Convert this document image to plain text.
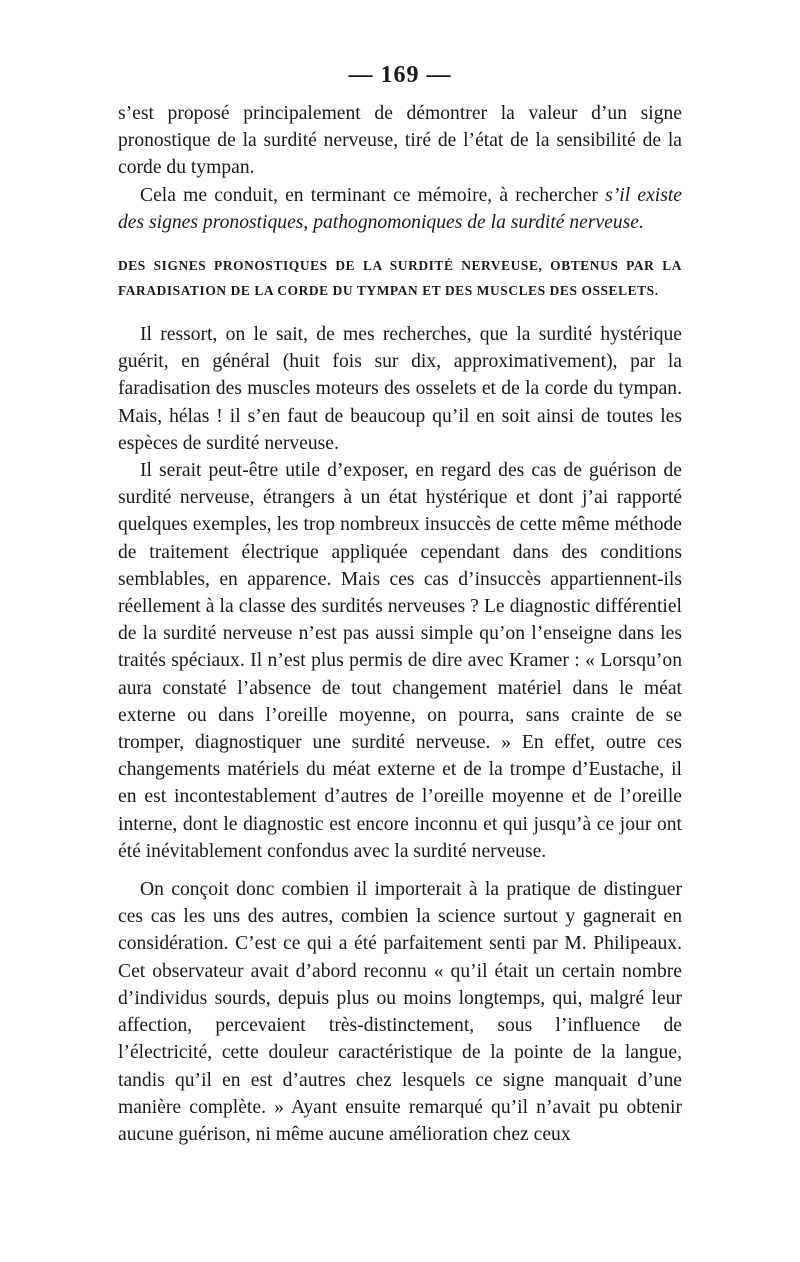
— 169 —

s’est proposé principalement de démontrer la valeur d’un signe pronostique de la surdité nerveuse, tiré de l’état de la sensibilité de la corde du tympan.

Cela me conduit, en terminant ce mémoire, à rechercher s’il existe des signes pronostiques, pathognomoniques de la surdité nerveuse.

DES SIGNES PRONOSTIQUES DE LA SURDITÉ NERVEUSE, OBTENUS PAR LA FARADISATION DE LA CORDE DU TYMPAN ET DES MUSCLES DES OSSELETS.

Il ressort, on le sait, de mes recherches, que la surdité hystérique guérit, en général (huit fois sur dix, approximativement), par la faradisation des muscles moteurs des osselets et de la corde du tympan. Mais, hélas ! il s’en faut de beaucoup qu’il en soit ainsi de toutes les espèces de surdité nerveuse.

Il serait peut-être utile d’exposer, en regard des cas de guérison de surdité nerveuse, étrangers à un état hystérique et dont j’ai rapporté quelques exemples, les trop nombreux insuccès de cette même méthode de traitement électrique appliquée cependant dans des conditions semblables, en apparence. Mais ces cas d’insuccès appartiennent-ils réellement à la classe des surdités nerveuses ? Le diagnostic différentiel de la surdité nerveuse n’est pas aussi simple qu’on l’enseigne dans les traités spéciaux. Il n’est plus permis de dire avec Kramer : « Lorsqu’on aura constaté l’absence de tout changement matériel dans le méat externe ou dans l’oreille moyenne, on pourra, sans crainte de se tromper, diagnostiquer une surdité nerveuse. » En effet, outre ces changements matériels du méat externe et de la trompe d’Eustache, il en est incontestablement d’autres de l’oreille moyenne et de l’oreille interne, dont le diagnostic est encore inconnu et qui jusqu’à ce jour ont été inévitablement confondus avec la surdité nerveuse.

On conçoit donc combien il importerait à la pratique de distinguer ces cas les uns des autres, combien la science surtout y gagnerait en considération. C’est ce qui a été parfaitement senti par M. Philipeaux. Cet observateur avait d’abord reconnu « qu’il était un certain nombre d’individus sourds, depuis plus ou moins longtemps, qui, malgré leur affection, percevaient très-distinctement, sous l’influence de l’électricité, cette douleur caractéristique de la pointe de la langue, tandis qu’il en est d’autres chez lesquels ce signe manquait d’une manière complète. » Ayant ensuite remarqué qu’il n’avait pu obtenir aucune guérison, ni même aucune amélioration chez ceux
